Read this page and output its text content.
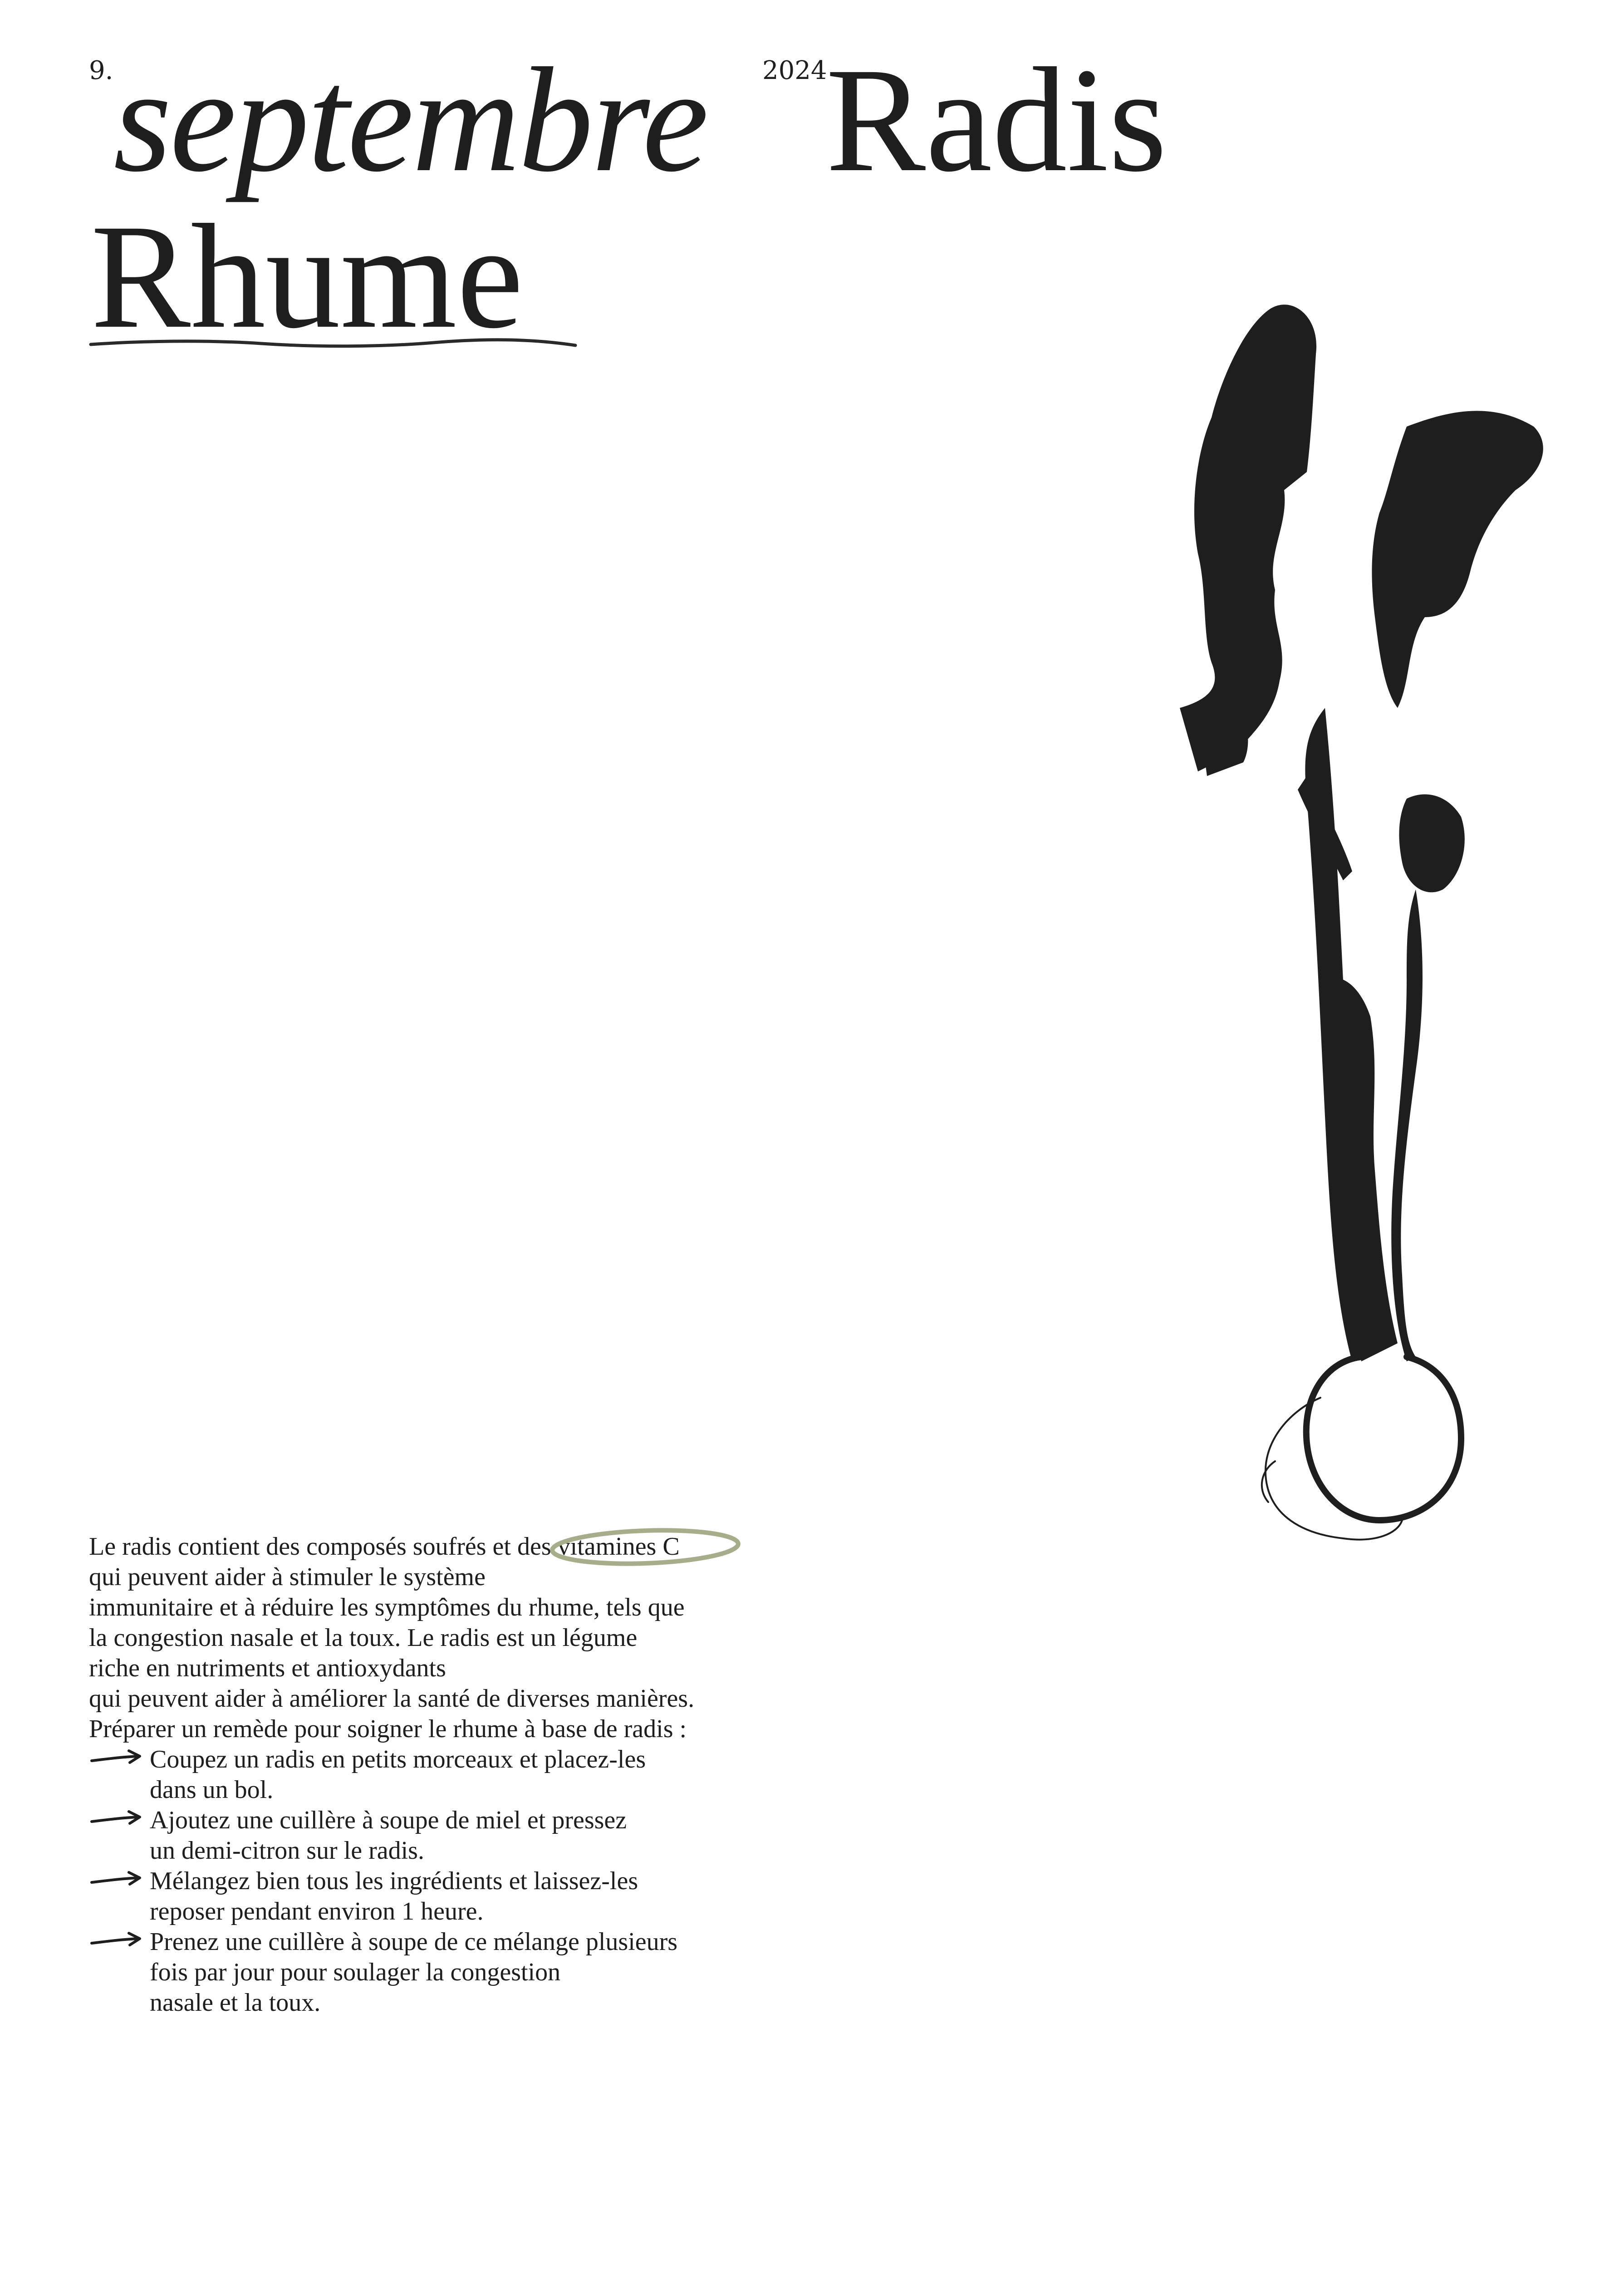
9. septembre 2024
Radis
Rhume
Le radis contient des composés soufrés et des vitamines C
qui peuvent aider à stimuler le système
immunitaire et à réduire les symptômes du rhume, tels que
la congestion nasale et la toux. Le radis est un légume
riche en nutriments et antioxydants
qui peuvent aider à améliorer la santé de diverses manières.
Préparer un remède pour soigner le rhume à base de radis :
Coupez un radis en petits morceaux et placez-les
dans un bol.
Ajoutez une cuillère à soupe de miel et pressez
un demi-citron sur le radis.
Mélangez bien tous les ingrédients et laissez-les
reposer pendant environ 1 heure.
Prenez une cuillère à soupe de ce mélange plusieurs
fois par jour pour soulager la congestion
nasale et la toux.
